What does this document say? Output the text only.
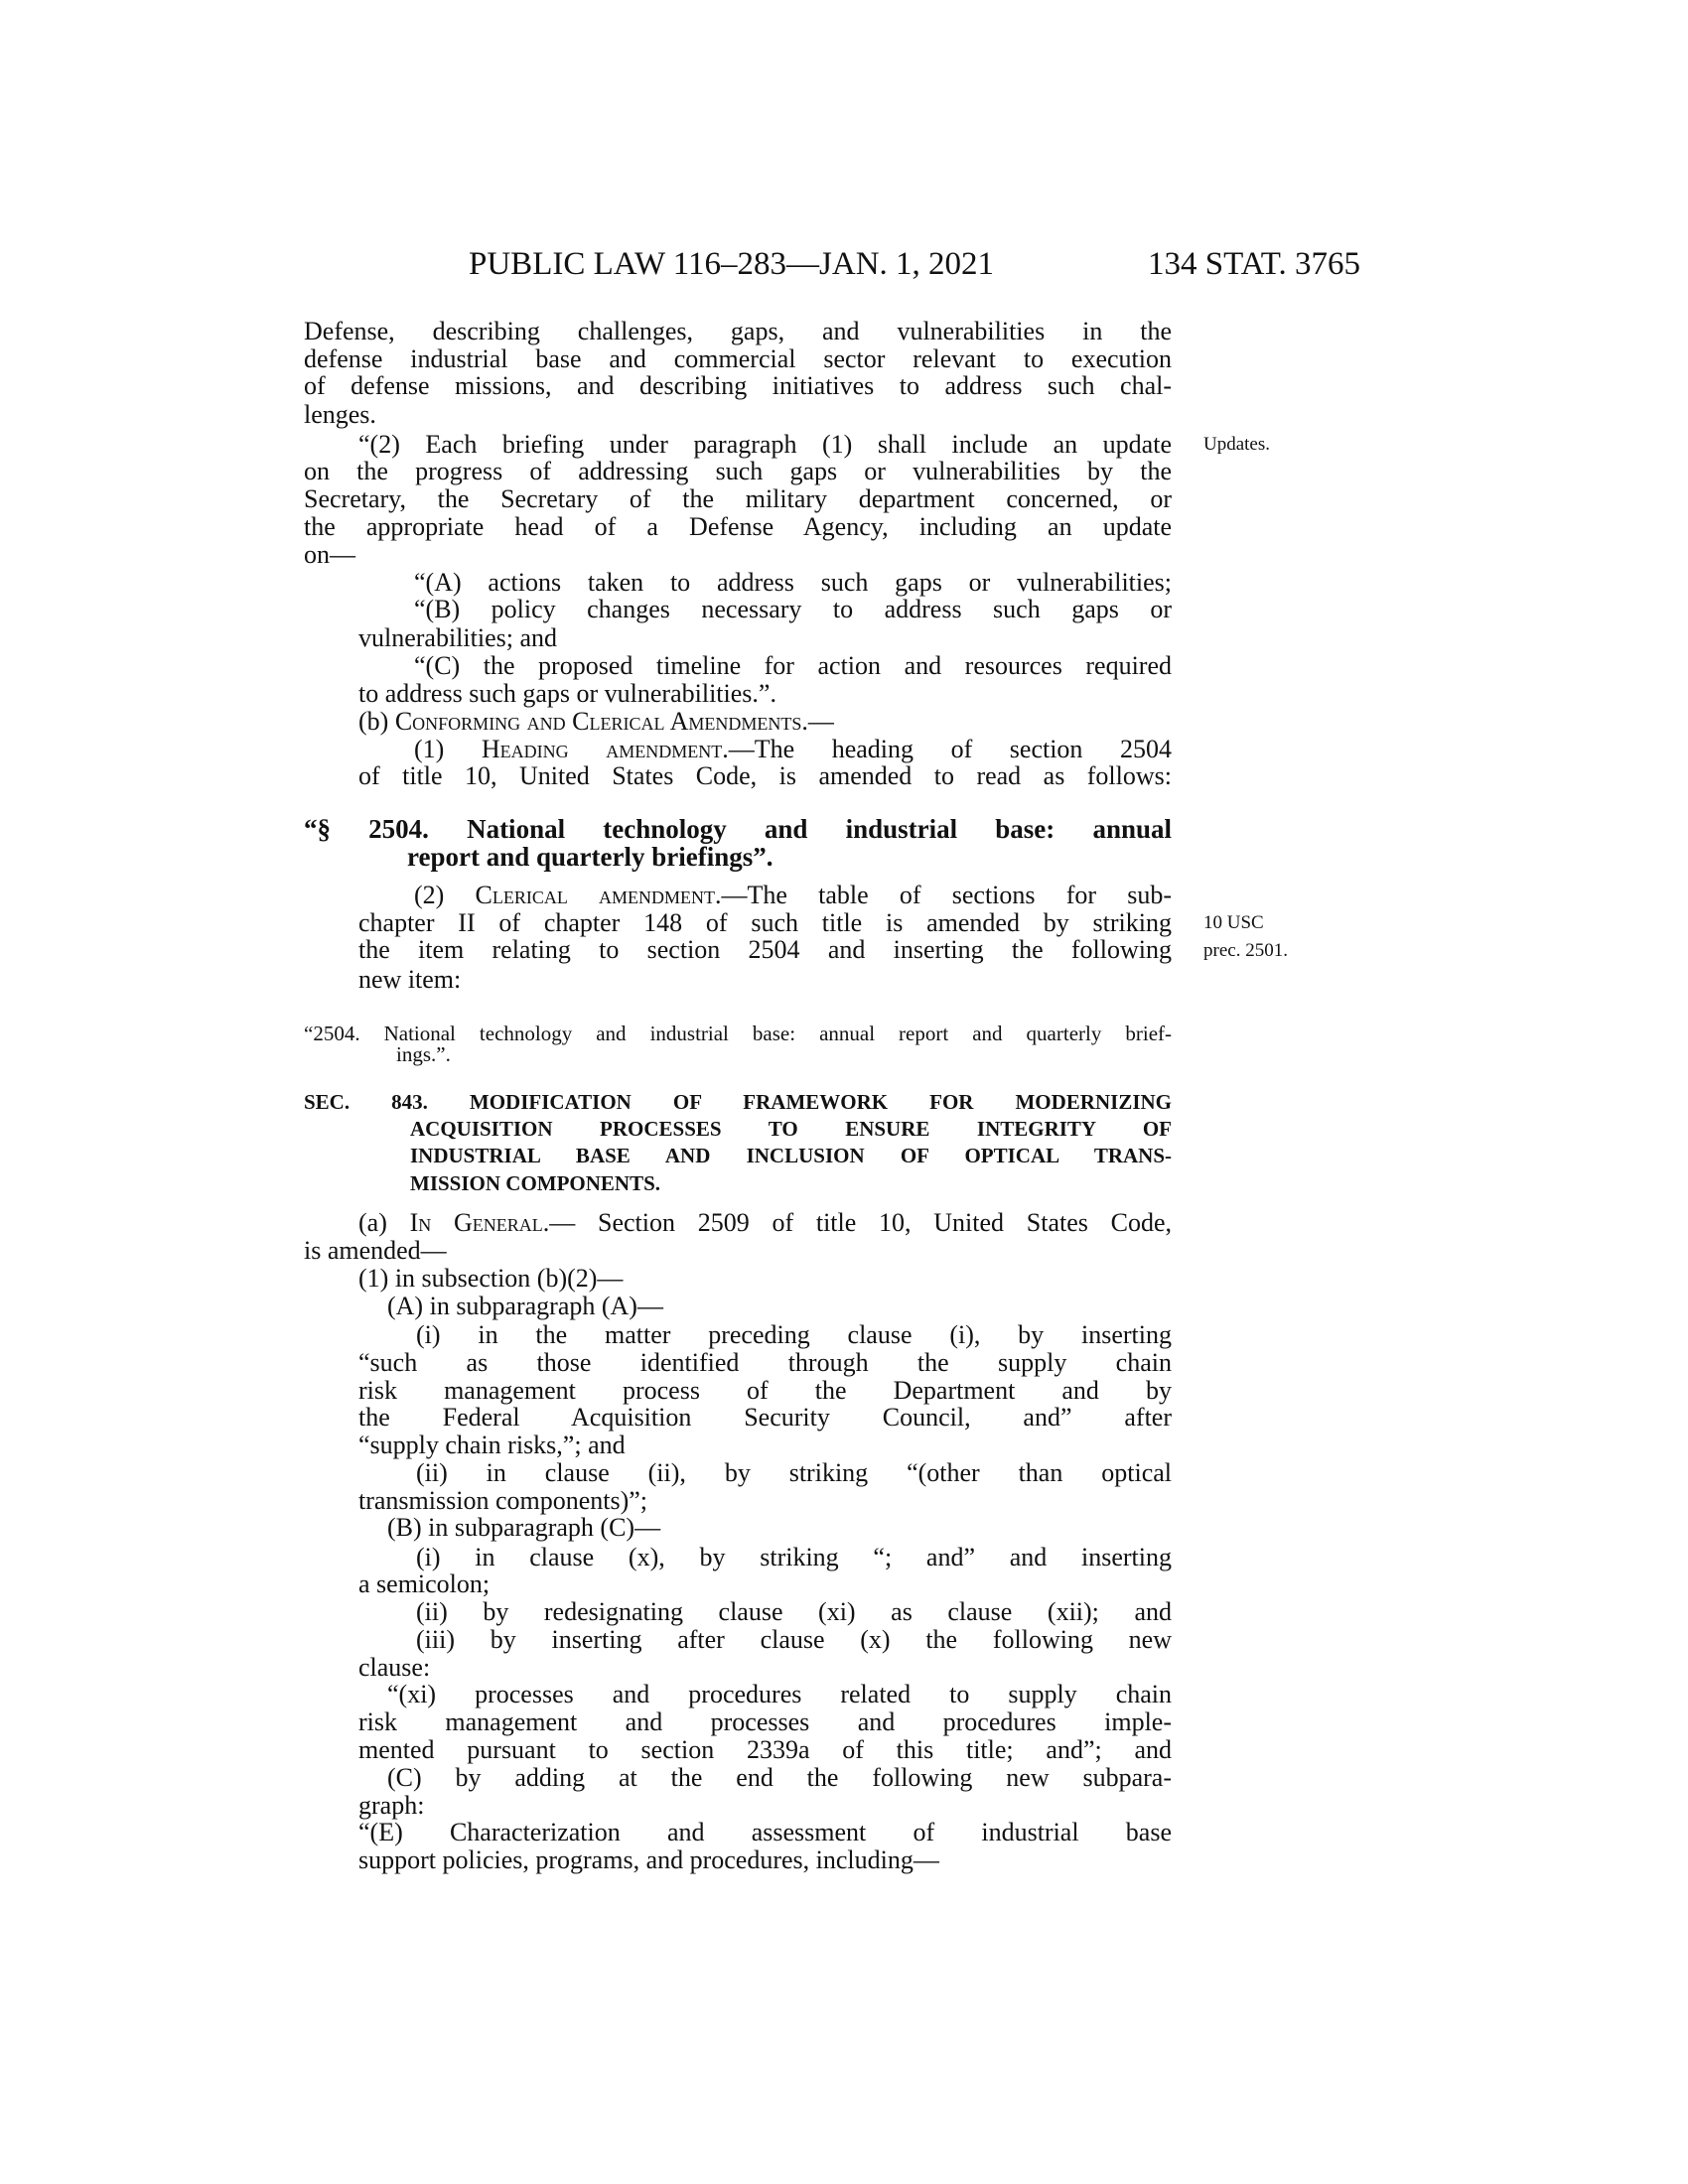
PUBLIC LAW 116–283—JAN. 1, 2021	134 STAT. 3765
Updates.
10 USC
prec. 2501.
Defense, describing challenges, gaps, and vulnerabilities in the
defense industrial base and commercial sector relevant to execution
of defense missions, and describing initiatives to address such chal-
lenges.
“(2) Each briefing under paragraph (1) shall include an update
on the progress of addressing such gaps or vulnerabilities by the
Secretary, the Secretary of the military department concerned, or
the appropriate head of a Defense Agency, including an update
on—
“(A) actions taken to address such gaps or vulnerabilities;
“(B) policy changes necessary to address such gaps or
vulnerabilities; and
“(C) the proposed timeline for action and resources required
to address such gaps or vulnerabilities.”.
(b) Conforming and Clerical Amendments.—
(1) Heading amendment.—The heading of section 2504
of title 10, United States Code, is amended to read as follows:
“§ 2504. National technology and industrial base: annual
report and quarterly briefings”.
(2) Clerical amendment.—The table of sections for sub-
chapter II of chapter 148 of such title is amended by striking
the item relating to section 2504 and inserting the following
new item:
“2504. National technology and industrial base: annual report and quarterly brief-
ings.”.
SEC. 843. MODIFICATION OF FRAMEWORK FOR MODERNIZING
ACQUISITION PROCESSES TO ENSURE INTEGRITY OF
INDUSTRIAL BASE AND INCLUSION OF OPTICAL TRANS-
MISSION COMPONENTS.
(a) In General.— Section 2509 of title 10, United States Code,
is amended—
(1) in subsection (b)(2)—
(A) in subparagraph (A)—
(i) in the matter preceding clause (i), by inserting
“such as those identified through the supply chain
risk management process of the Department and by
the Federal Acquisition Security Council, and” after
“supply chain risks,”; and
(ii) in clause (ii), by striking “(other than optical
transmission components)”;
(B) in subparagraph (C)—
(i) in clause (x), by striking “; and” and inserting
a semicolon;
(ii) by redesignating clause (xi) as clause (xii); and
(iii) by inserting after clause (x) the following new
clause:
“(xi) processes and procedures related to supply chain
risk management and processes and procedures imple-
mented pursuant to section 2339a of this title; and”; and
(C) by adding at the end the following new subpara-
graph:
“(E) Characterization and assessment of industrial base
support policies, programs, and procedures, including—
